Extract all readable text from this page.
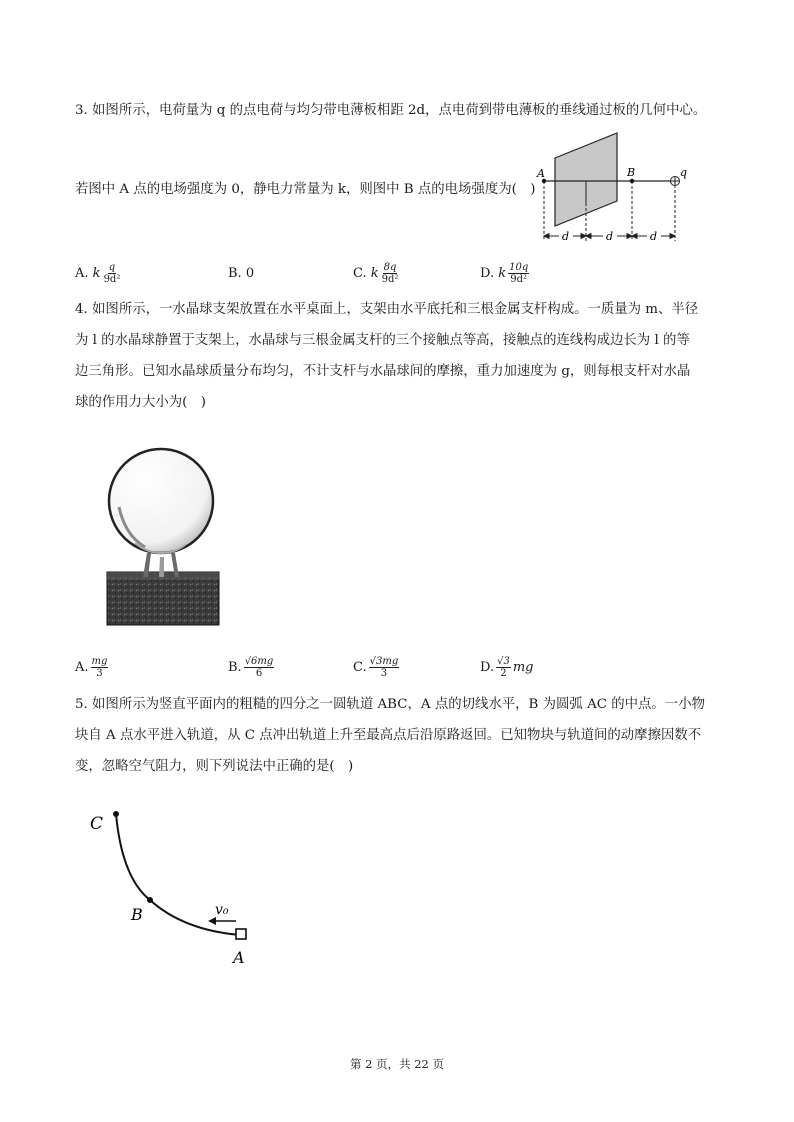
3. 如图所示，电荷量为 q 的点电荷与均匀带电薄板相距 2d，点电荷到带电薄板的垂线通过板的几何中心。
若图中 A 点的电场强度为 0，静电力常量为 k，则图中 B 点的电场强度为(　)
A	B	q
d	d	d
A. k $\frac{q}{\text{9d²}}$	B. 0	C. k $\frac{8q}{\text{9d²}}$	D. k $\frac{10q}{\text{9d²}}$
4. 如图所示，一水晶球支架放置在水平桌面上，支架由水平底托和三根金属支杆构成。一质量为 m、半径
为 l 的水晶球静置于支架上，水晶球与三根金属支杆的三个接触点等高，接触点的连线构成边长为 l 的等
边三角形。已知水晶球质量分布均匀，不计支杆与水晶球间的摩擦，重力加速度为 g，则每根支杆对水晶
球的作用力大小为(　)
A. $\frac{mg}{3}$	B. $\frac{√6mg}{6}$	C. $\frac{√3mg}{3}$	D. $\frac{√3}{2}$ mg
5. 如图所示为竖直平面内的粗糙的四分之一圆轨道 ABC，A 点的切线水平，B 为圆弧 AC 的中点。一小物
块自 A 点水平进入轨道，从 C 点冲出轨道上升至最高点后沿原路返回。已知物块与轨道间的动摩擦因数不
变，忽略空气阻力，则下列说法中正确的是(　)
C
B
A
v₀
第 2 页，共 22 页
